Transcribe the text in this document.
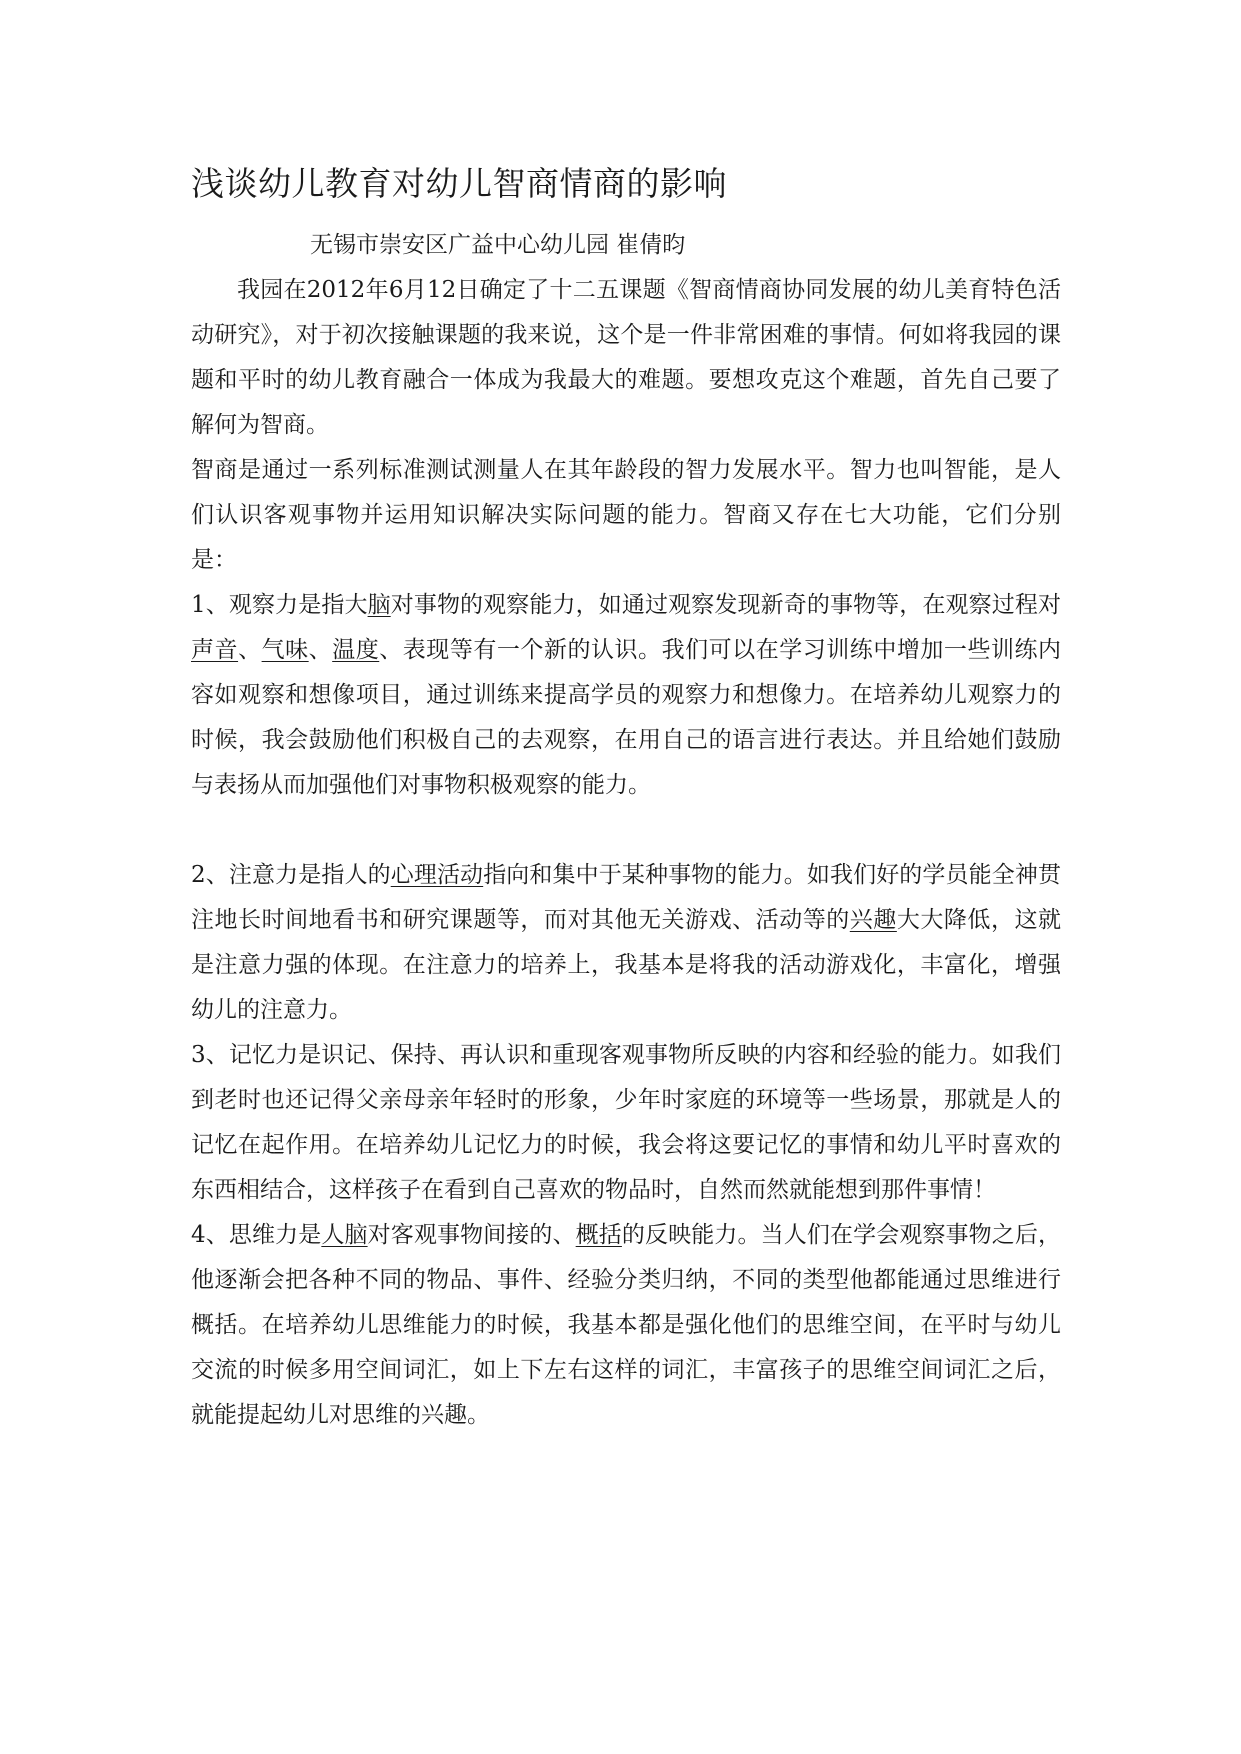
浅谈幼儿教育对幼儿智商情商的影响

无锡市崇安区广益中心幼儿园 崔倩昀

我园在2012年6月12日确定了十二五课题《智商情商协同发展的幼儿美育特色活动研究》，对于初次接触课题的我来说，这个是一件非常困难的事情。何如将我园的课题和平时的幼儿教育融合一体成为我最大的难题。要想攻克这个难题，首先自己要了解何为智商。

智商是通过一系列标准测试测量人在其年龄段的智力发展水平。智力也叫智能，是人们认识客观事物并运用知识解决实际问题的能力。智商又存在七大功能，它们分别是：

1、观察力是指大脑对事物的观察能力，如通过观察发现新奇的事物等，在观察过程对声音、气味、温度、表现等有一个新的认识。我们可以在学习训练中增加一些训练内容如观察和想像项目，通过训练来提高学员的观察力和想像力。在培养幼儿观察力的时候，我会鼓励他们积极自己的去观察，在用自己的语言进行表达。并且给她们鼓励与表扬从而加强他们对事物积极观察的能力。

2、注意力是指人的心理活动指向和集中于某种事物的能力。如我们好的学员能全神贯注地长时间地看书和研究课题等，而对其他无关游戏、活动等的兴趣大大降低，这就是注意力强的体现。在注意力的培养上，我基本是将我的活动游戏化，丰富化，增强幼儿的注意力。

3、记忆力是识记、保持、再认识和重现客观事物所反映的内容和经验的能力。如我们到老时也还记得父亲母亲年轻时的形象，少年时家庭的环境等一些场景，那就是人的记忆在起作用。在培养幼儿记忆力的时候，我会将这要记忆的事情和幼儿平时喜欢的东西相结合，这样孩子在看到自己喜欢的物品时，自然而然就能想到那件事情！

4、思维力是人脑对客观事物间接的、概括的反映能力。当人们在学会观察事物之后，他逐渐会把各种不同的物品、事件、经验分类归纳，不同的类型他都能通过思维进行概括。在培养幼儿思维能力的时候，我基本都是强化他们的思维空间，在平时与幼儿交流的时候多用空间词汇，如上下左右这样的词汇，丰富孩子的思维空间词汇之后，就能提起幼儿对思维的兴趣。
